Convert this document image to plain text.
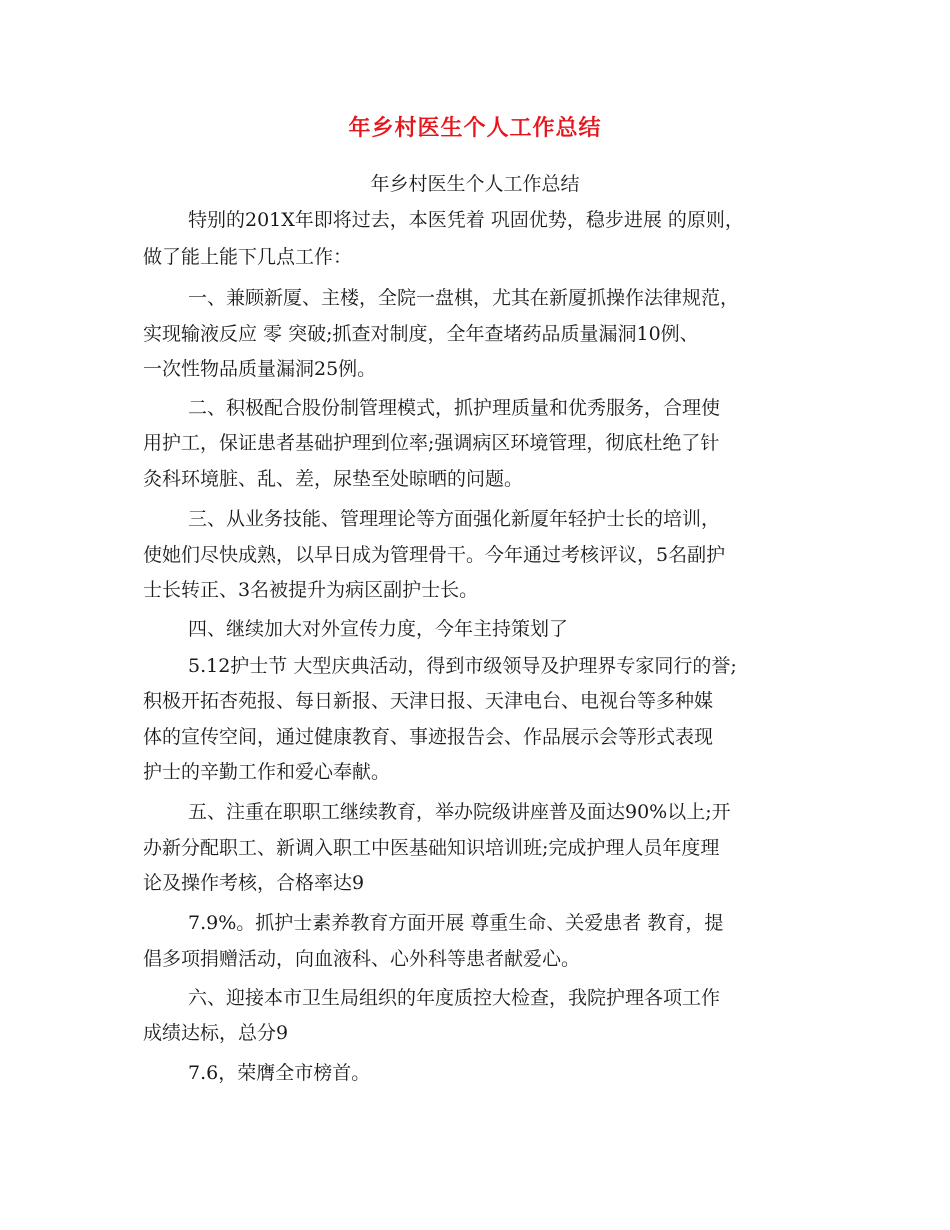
年乡村医生个人工作总结
年乡村医生个人工作总结
特别的201X年即将过去，本医凭着 巩固优势，稳步进展 的原则，
做了能上能下几点工作：
一、兼顾新厦、主楼，全院一盘棋，尤其在新厦抓操作法律规范，
实现输液反应 零 突破;抓查对制度，全年查堵药品质量漏洞10例、
一次性物品质量漏洞25例。
二、积极配合股份制管理模式，抓护理质量和优秀服务，合理使
用护工，保证患者基础护理到位率;强调病区环境管理，彻底杜绝了针
灸科环境脏、乱、差，尿垫至处晾晒的问题。
三、从业务技能、管理理论等方面强化新厦年轻护士长的培训，
使她们尽快成熟，以早日成为管理骨干。今年通过考核评议，5名副护
士长转正、3名被提升为病区副护士长。
四、继续加大对外宣传力度，今年主持策划了
5.12护士节 大型庆典活动，得到市级领导及护理界专家同行的誉;
积极开拓杏苑报、每日新报、天津日报、天津电台、电视台等多种媒
体的宣传空间，通过健康教育、事迹报告会、作品展示会等形式表现
护士的辛勤工作和爱心奉献。
五、注重在职职工继续教育，举办院级讲座普及面达90%以上;开
办新分配职工、新调入职工中医基础知识培训班;完成护理人员年度理
论及操作考核，合格率达9
7.9%。抓护士素养教育方面开展 尊重生命、关爱患者 教育，提
倡多项捐赠活动，向血液科、心外科等患者献爱心。
六、迎接本市卫生局组织的年度质控大检查，我院护理各项工作
成绩达标，总分9
7.6，荣膺全市榜首。
